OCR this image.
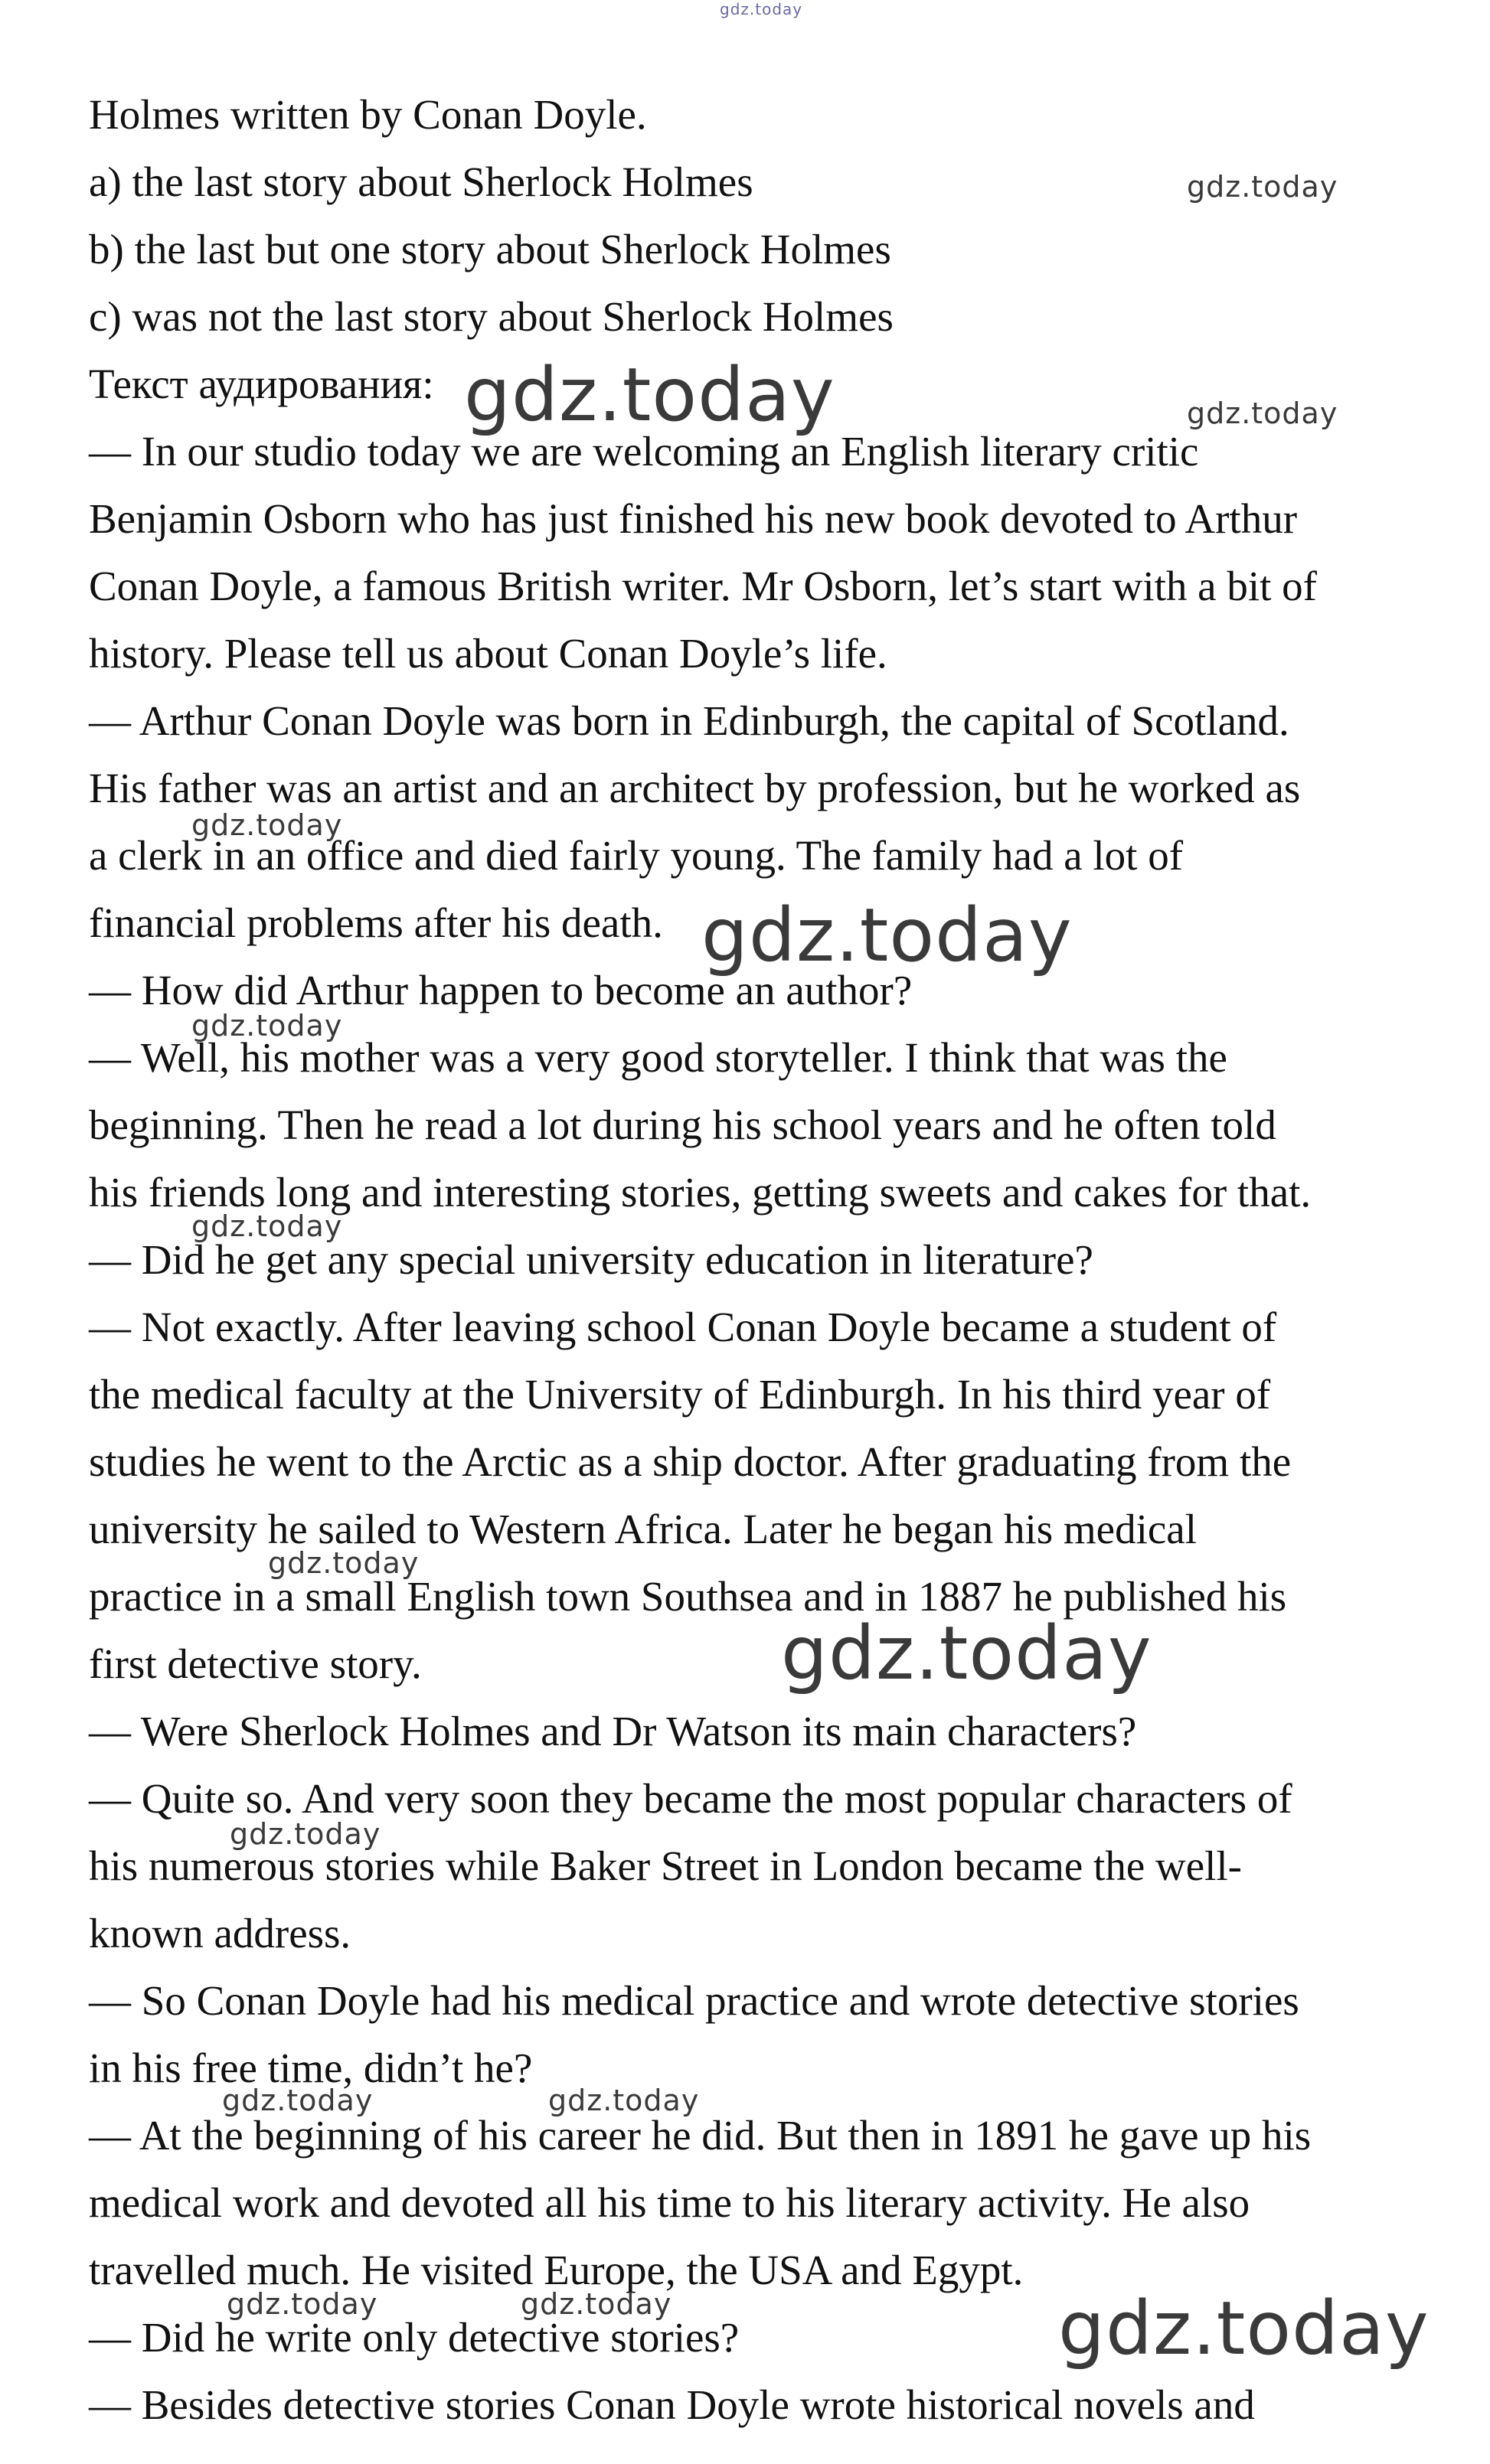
Holmes written by Conan Doyle.

a) the last story about Sherlock Holmes

b) the last but one story about Sherlock Holmes

c) was not the last story about Sherlock Holmes

Текст аудирования:

— In our studio today we are welcoming an English literary critic

Benjamin Osborn who has just finished his new book devoted to Arthur

Conan Doyle, a famous British writer. Mr Osborn, let’s start with a bit of

history. Please tell us about Conan Doyle’s life.

— Arthur Conan Doyle was born in Edinburgh, the capital of Scotland.

His father was an artist and an architect by profession, but he worked as

a clerk in an office and died fairly young. The family had a lot of

financial problems after his death.

— How did Arthur happen to become an author?

— Well, his mother was a very good storyteller. I think that was the

beginning. Then he read a lot during his school years and he often told

his friends long and interesting stories, getting sweets and cakes for that.

— Did he get any special university education in literature?

— Not exactly. After leaving school Conan Doyle became a student of

the medical faculty at the University of Edinburgh. In his third year of

studies he went to the Arctic as a ship doctor. After graduating from the

university he sailed to Western Africa. Later he began his medical

practice in a small English town Southsea and in 1887 he published his

first detective story.

— Were Sherlock Holmes and Dr Watson its main characters?

— Quite so. And very soon they became the most popular characters of

his numerous stories while Baker Street in London became the well-

known address.

— So Conan Doyle had his medical practice and wrote detective stories

in his free time, didn’t he?

— At the beginning of his career he did. But then in 1891 he gave up his

medical work and devoted all his time to his literary activity. He also

travelled much. He visited Europe, the USA and Egypt.

— Did he write only detective stories?

— Besides detective stories Conan Doyle wrote historical novels and

gdz.today
gdz.today
gdz.today	gdz.today
gdz.today
gdz.today
gdz.today
gdz.today
gdz.today
gdz.today
gdz.today
gdz.today	gdz.today
gdz.today	gdz.today	gdz.today
